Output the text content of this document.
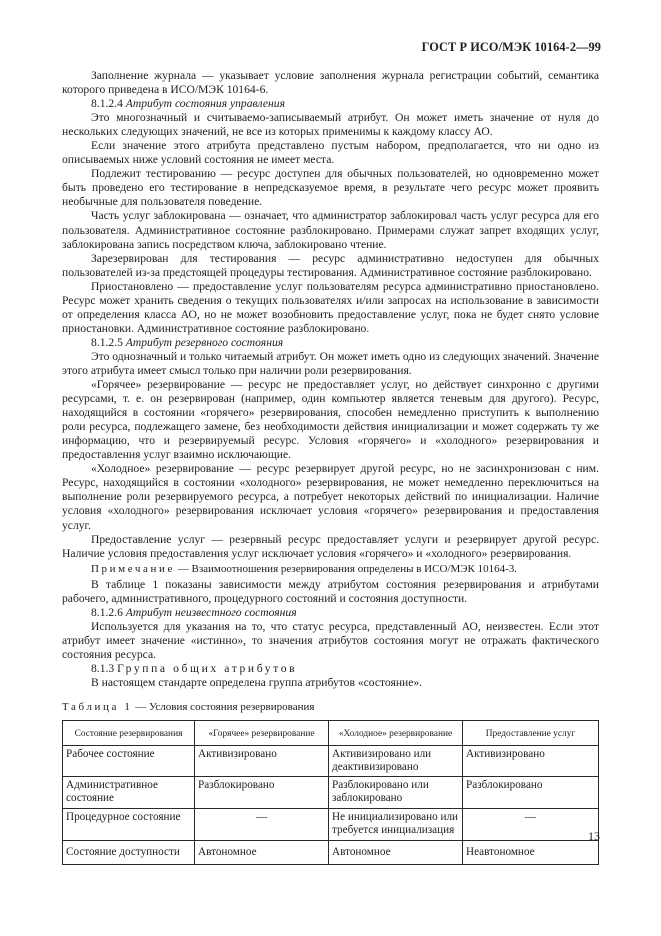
ГОСТ Р ИСО/МЭК 10164-2—99

Заполнение журнала — указывает условие заполнения журнала регистрации событий, семантика которого приведена в ИСО/МЭК 10164-6.

8.1.2.4 Атрибут состояния управления

Это многозначный и считываемо-записываемый атрибут. Он может иметь значение от нуля до нескольких следующих значений, не все из которых применимы к каждому классу АО.

Если значение этого атрибута представлено пустым набором, предполагается, что ни одно из описываемых ниже условий состояния не имеет места.

Подлежит тестированию — ресурс доступен для обычных пользователей, но одновременно может быть проведено его тестирование в непредсказуемое время, в результате чего ресурс может проявить необычные для пользователя поведение.

Часть услуг заблокирована — означает, что администратор заблокировал часть услуг ресурса для его пользователя. Административное состояние разблокировано. Примерами служат запрет входящих услуг, заблокирована запись посредством ключа, заблокировано чтение.

Зарезервирован для тестирования — ресурс административно недоступен для обычных пользователей из-за предстоящей процедуры тестирования. Административное состояние разблокировано.

Приостановлено — предоставление услуг пользователям ресурса административно приостановлено. Ресурс может хранить сведения о текущих пользователях и/или запросах на использование в зависимости от определения класса АО, но не может возобновить предоставление услуг, пока не будет снято условие приостановки. Административное состояние разблокировано.

8.1.2.5 Атрибут резервного состояния

Это однозначный и только читаемый атрибут. Он может иметь одно из следующих значений. Значение этого атрибута имеет смысл только при наличии роли резервирования.

«Горячее» резервирование — ресурс не предоставляет услуг, но действует синхронно с другими ресурсами, т. е. он резервирован (например, один компьютер является теневым для другого). Ресурс, находящийся в состоянии «горячего» резервирования, способен немедленно приступить к выполнению роли ресурса, подлежащего замене, без необходимости действия инициализации и может содержать ту же информацию, что и резервируемый ресурс. Условия «горячего» и «холодного» резервирования и предоставления услуг взаимно исключающие.

«Холодное» резервирование — ресурс резервирует другой ресурс, но не засинхронизован с ним. Ресурс, находящийся в состоянии «холодного» резервирования, не может немедленно переключиться на выполнение роли резервируемого ресурса, а потребует некоторых действий по инициализации. Наличие условия «холодного» резервирования исключает условия «горячего» резервирования и предоставления услуг.

Предоставление услуг — резервный ресурс предоставляет услуги и резервирует другой ресурс. Наличие условия предоставления услуг исключает условия «горячего» и «холодного» резервирования.

Примечание — Взаимоотношения резервирования определены в ИСО/МЭК 10164-3.

В таблице 1 показаны зависимости между атрибутом состояния резервирования и атрибутами рабочего, административного, процедурного состояний и состояния доступности.

8.1.2.6 Атрибут неизвестного состояния

Используется для указания на то, что статус ресурса, представленный АО, неизвестен. Если этот атрибут имеет значение «истинно», то значения атрибутов состояния могут не отражать фактического состояния ресурса.

8.1.3 Группа общих атрибутов

В настоящем стандарте определена группа атрибутов «состояние».

Таблица 1 — Условия состояния резервирования

Состояние резервирования	«Горячее» резервирование	«Холодное» резервирование	Предоставление услуг
Рабочее состояние	Активизировано	Активизировано или деактивизировано	Активизировано
Административное состояние	Разблокировано	Разблокировано или заблокировано	Разблокировано
Процедурное состояние	—	Не инициализировано или требуется инициализация	—
Состояние доступности	Автономное	Автономное	Неавтономное
13
